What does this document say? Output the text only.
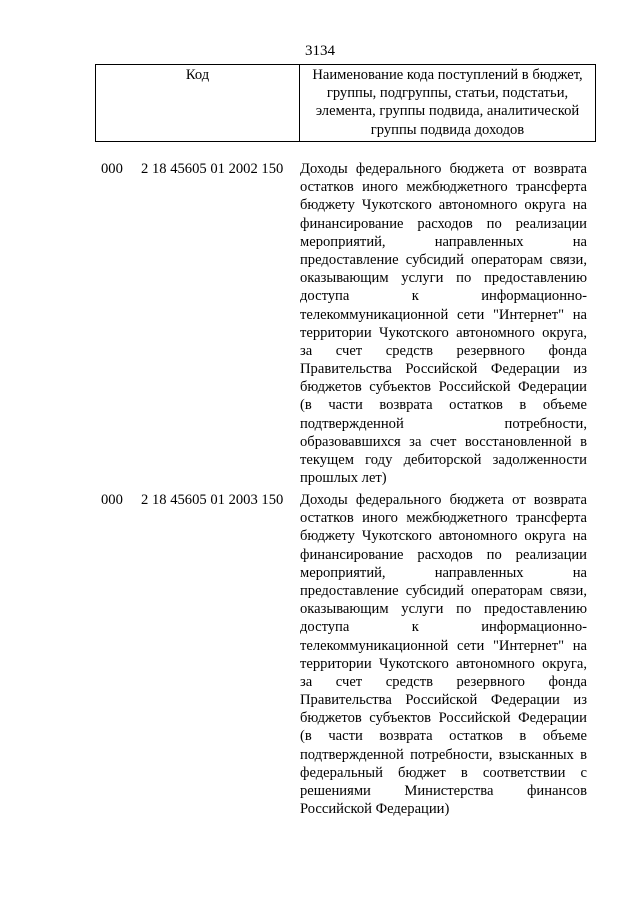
3134
Код	Наименование кода поступлений в бюджет,
группы, подгруппы, статьи, подстатьи,
элемента, группы подвида, аналитической
группы подвида доходов
000 2 18 45605 01 2002 150 Доходы федерального бюджета от возврата
остатков иного межбюджетного трансферта
бюджету Чукотского автономного округа на
финансирование расходов по реализации
мероприятий, направленных на
предоставление субсидий операторам связи,
оказывающим услуги по предоставлению
доступа к информационно-
телекоммуникационной сети "Интернет" на
территории Чукотского автономного округа,
за счет средств резервного фонда
Правительства Российской Федерации из
бюджетов субъектов Российской Федерации
(в части возврата остатков в объеме
подтвержденной потребности,
образовавшихся за счет восстановленной в
текущем году дебиторской задолженности
прошлых лет)
000 2 18 45605 01 2003 150 Доходы федерального бюджета от возврата
остатков иного межбюджетного трансферта
бюджету Чукотского автономного округа на
финансирование расходов по реализации
мероприятий, направленных на
предоставление субсидий операторам связи,
оказывающим услуги по предоставлению
доступа к информационно-
телекоммуникационной сети "Интернет" на
территории Чукотского автономного округа,
за счет средств резервного фонда
Правительства Российской Федерации из
бюджетов субъектов Российской Федерации
(в части возврата остатков в объеме
подтвержденной потребности, взысканных в
федеральный бюджет в соответствии с
решениями Министерства финансов
Российской Федерации)
